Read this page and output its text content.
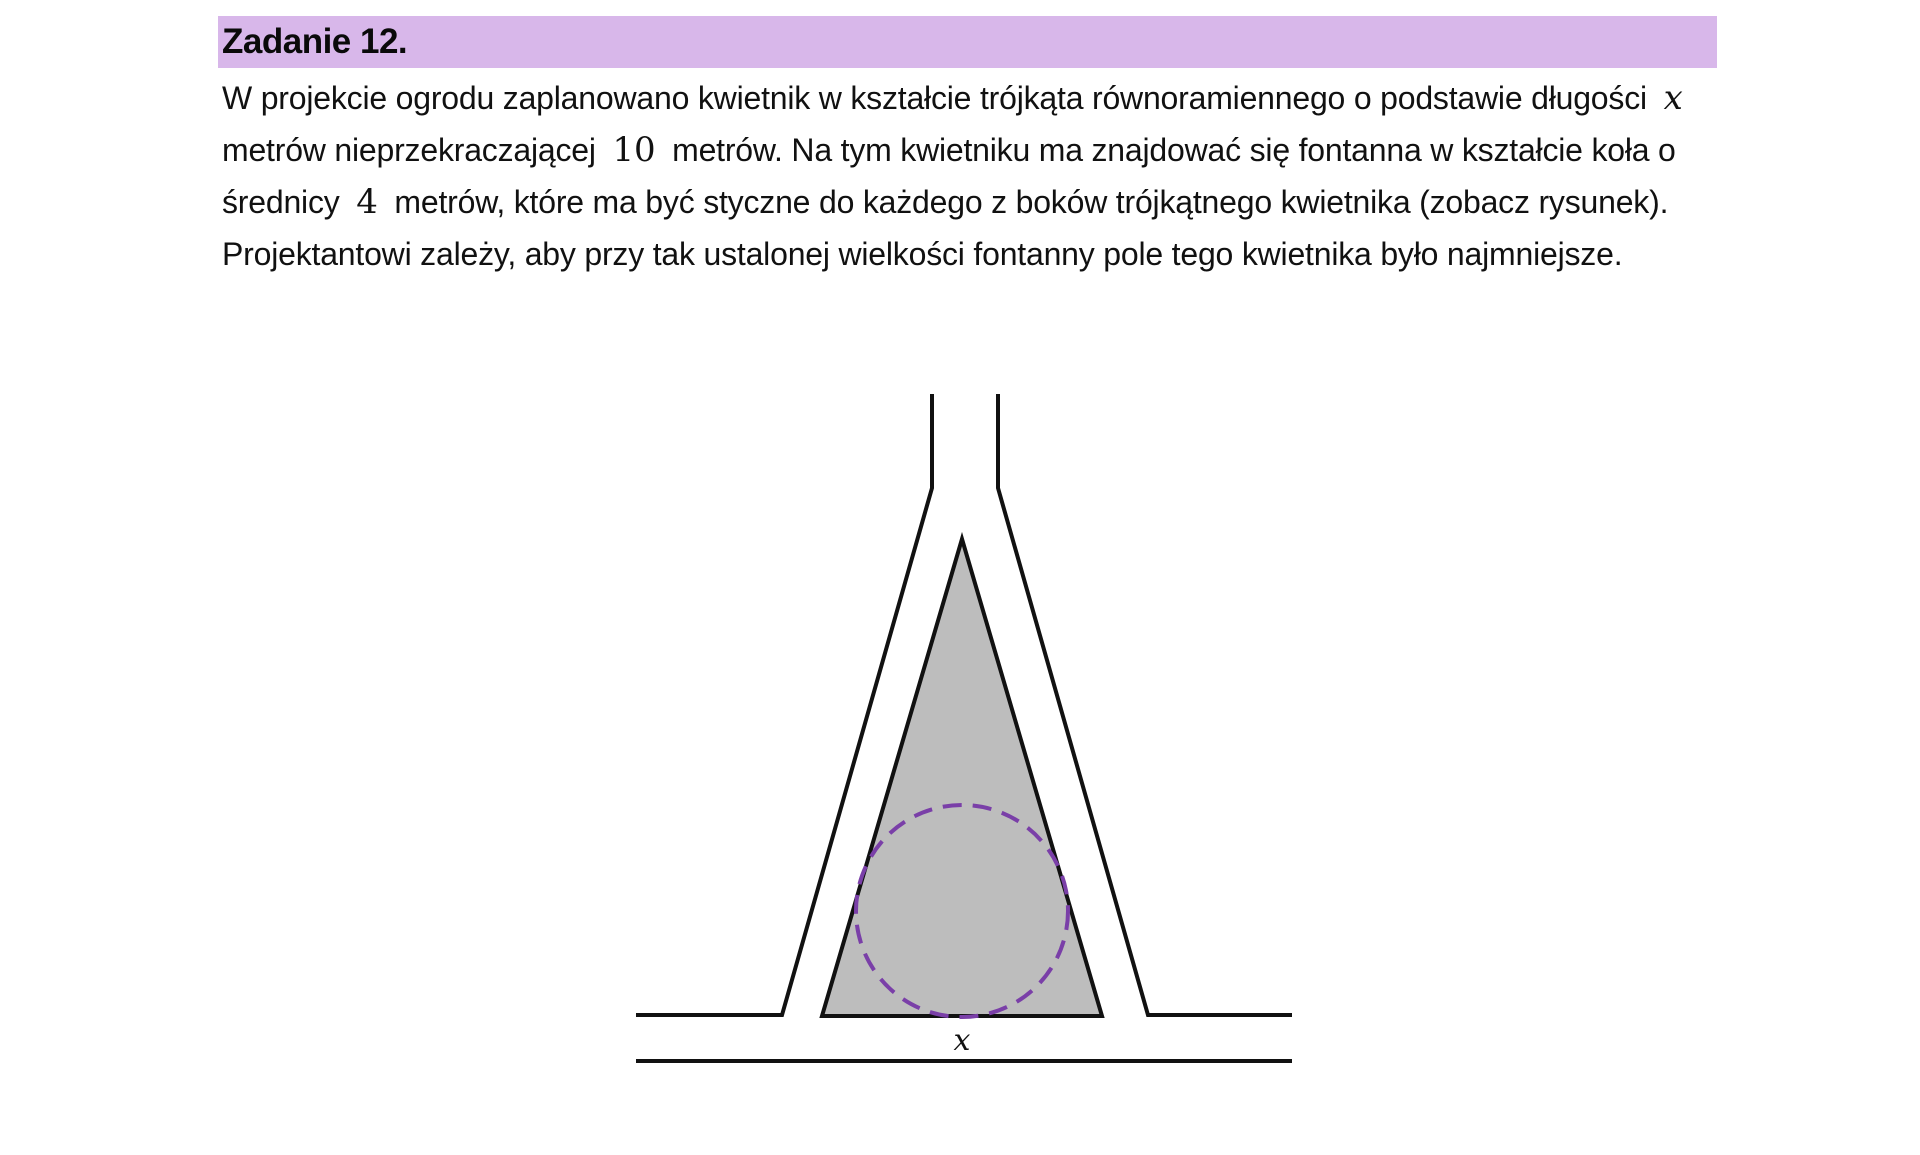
Zadanie 12.
W projekcie ogrodu zaplanowano kwietnik w kształcie trójkąta równoramiennego o podstawie długości x metrów nieprzekraczającej 10 metrów. Na tym kwietniku ma znajdować się fontanna w kształcie koła o średnicy 4 metrów, które ma być styczne do każdego z boków trójkątnego kwietnika (zobacz rysunek). Projektantowi zależy, aby przy tak ustalonej wielkości fontanny pole tego kwietnika było najmniejsze.
x
